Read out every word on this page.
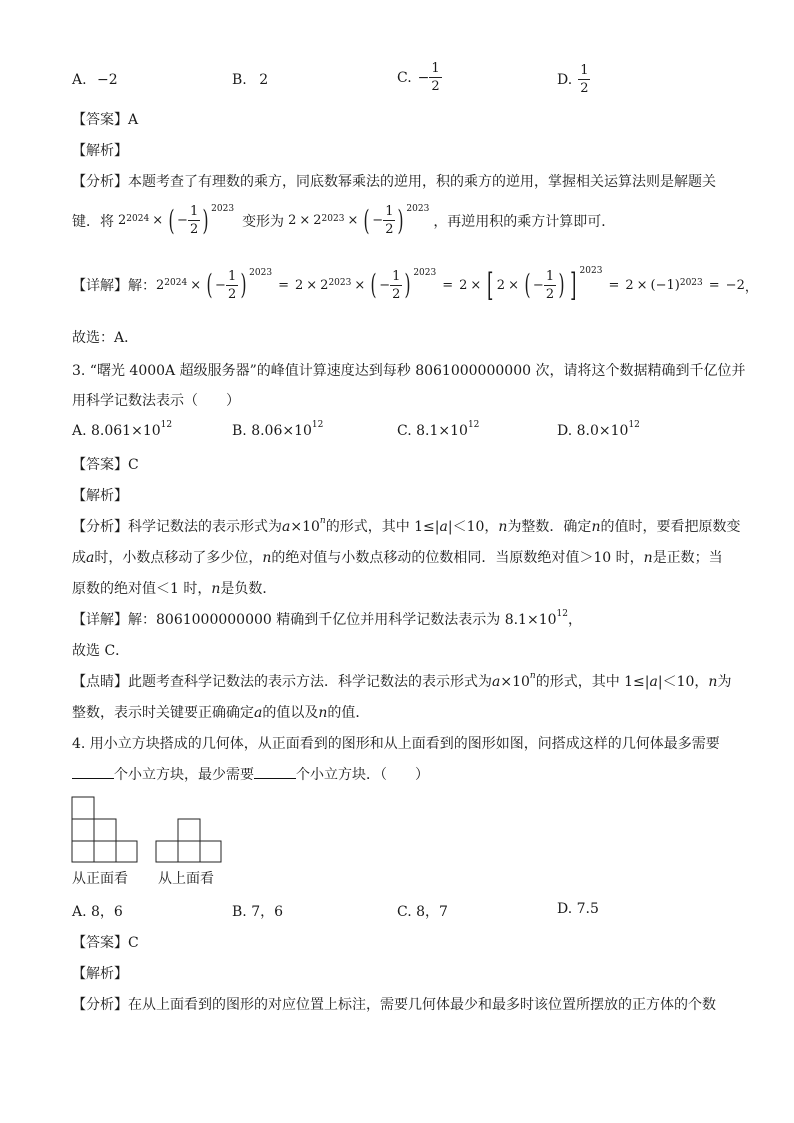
A. −2	B. 2	C. − $\frac{1}{2}$	D. $\frac{1}{2}$
【答案】A
【解析】
【分析】本题考查了有理数的乘方，同底数幂乘法的逆用，积的乘方的逆用，掌握相关运算法则是解题关
键．将 $2^{2024}$ × ( − $\frac{1}{2}$ ) $^{2023}$
变形为 $2 \times 2^{2023}$ × ( − $\frac{1}{2}$ ) $^{2023}$
，再逆用积的乘方计算即可．
【详解】 解： $2^{2024}$ × ( − $\frac{1}{2}$ ) $^{2023}$
= $2 \times 2^{2023}$ × ( − $\frac{1}{2}$ ) $^{2023}$
= 2 × [ 2 × ( − $\frac{1}{2}$ ) ] $^{2023}$
= 2 × ( −1 )$^{2023}$ = −2 ，
故选：A．
3. “曙光 4000A 超级服务器”的峰值计算速度达到每秒 8061000000000 次，请将这个数据精确到千亿位并
用科学记数法表示（　　）
A. $8.061\times 10^{12}$	B. $8.06\times 10^{12}$	C. $8.1\times 10^{12}$	D. $8.0\times 10^{12}$
【答案】C
【解析】
【分析】科学记数法的表示形式为$a\times 10^n$的形式，其中 1≤|a|＜10，n为整数．确定n的值时，要看把原数变
成a时，小数点移动了多少位，n的绝对值与小数点移动的位数相同．当原数绝对值＞10 时，n是正数；当
原数的绝对值＜1 时，n是负数．
【详解】解：8061000000000 精确到千亿位并用科学记数法表示为 $8.1\times 10^{12}$，
故选 C．
【点睛】此题考查科学记数法的表示方法．科学记数法的表示形式为$a\times 10^n$的形式，其中 1≤|a|＜10，n为
整数，表示时关键要正确确定a的值以及n的值．
4. 用小立方块搭成的几何体，从正面看到的图形和从上面看到的图形如图，问搭成这样的几何体最多需要
个小立方块，最少需要	个小立方块．（　　）
从正面看 从上面看
A. 8，6	B. 7，6	C. 8，7	D. 7.5
【答案】C
【解析】
【分析】在从上面看到的图形的对应位置上标注，需要几何体最少和最多时该位置所摆放的正方体的个数
